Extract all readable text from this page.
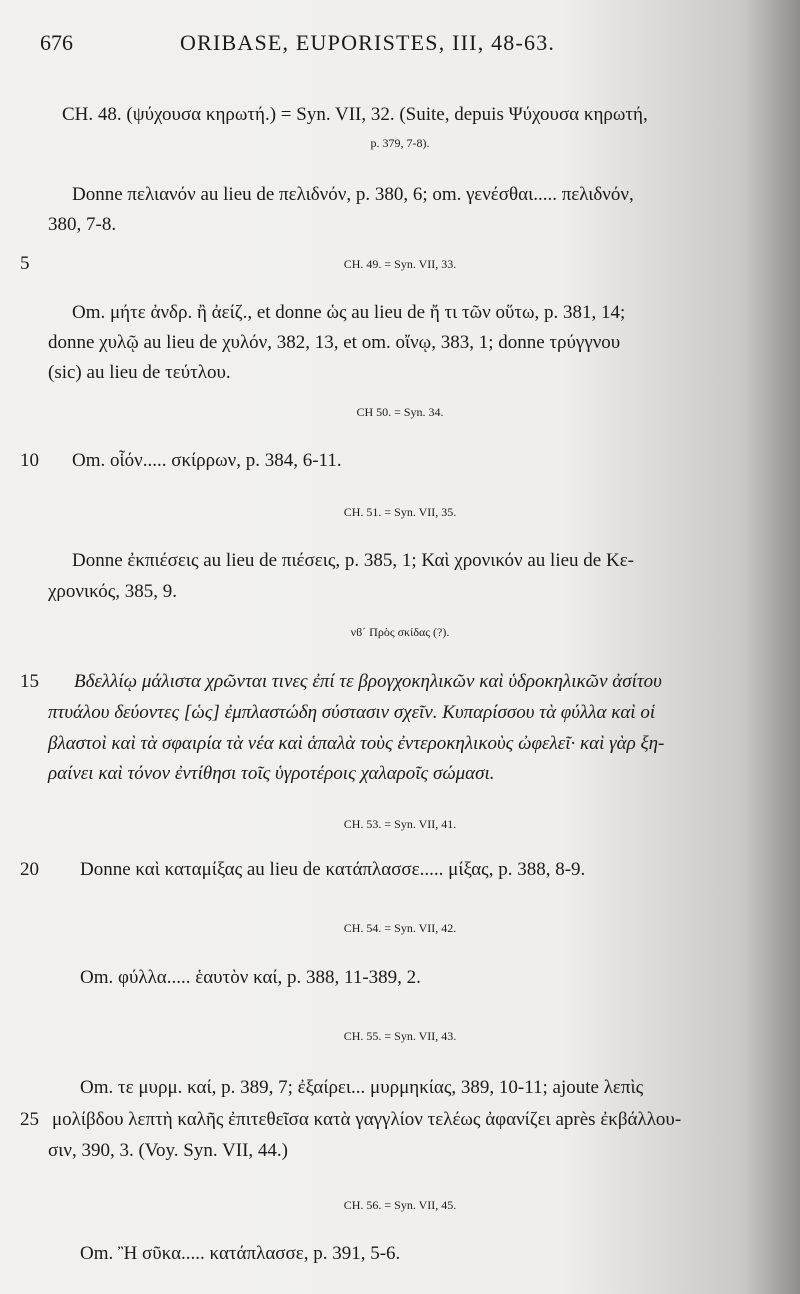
676	ORIBASE, EUPORISTES, III, 48-63.
5
10
15
20
25
CH. 48. (ψύχουσα κηρωτή.) = Syn. VII, 32. (Suite, depuis Ψύχουσα κηρωτή,
p. 379, 7-8).
Donne πελιανόν au lieu de πελιδνόν, p. 380, 6; om. γενέσθαι..... πελιδνόν,
380, 7-8.
CH. 49. = Syn. VII, 33.
Om. μήτε ἀνδρ. ἢ ἀείζ., et donne ὡς au lieu de ἤ τι τῶν οὕτω, p. 381, 14;
donne χυλῷ au lieu de χυλόν, 382, 13, et om. οἴνῳ, 383, 1; donne τρύγγνου
(sic) au lieu de τεύτλου.
CH 50. = Syn. 34.
Om. οἷόν..... σκίρρων, p. 384, 6-11.
CH. 51. = Syn. VII, 35.
Donne ἐκπιέσεις au lieu de πιέσεις, p. 385, 1; Καὶ χρονικόν au lieu de Κε-
χρονικός, 385, 9.
νϐ΄ Πρὸς σκίδας (?).
Βδελλίῳ μάλιστα χρῶνται τινες ἐπί τε βρογχοκηλικῶν καὶ ὑδροκηλικῶν ἀσίτου
πτυάλου δεύοντες [ὡς] ἐμπλαστώδη σύστασιν σχεῖν. Κυπαρίσσου τὰ φύλλα καὶ οἱ
βλαστοὶ καὶ τὰ σφαιρία τὰ νέα καὶ ἁπαλὰ τοὺς ἐντεροκηλικοὺς ὠφελεῖ· καὶ γὰρ ξη-
ραίνει καὶ τόνον ἐντίθησι τοῖς ὑγροτέροις χαλαροῖς σώμασι.
CH. 53. = Syn. VII, 41.
Donne καὶ καταμίξας au lieu de κατάπλασσε..... μίξας, p. 388, 8-9.
CH. 54. = Syn. VII, 42.
Om. φύλλα..... ἑαυτὸν καί, p. 388, 11-389, 2.
CH. 55. = Syn. VII, 43.
Om. τε μυρμ. καί, p. 389, 7; ἐξαίρει... μυρμηκίας, 389, 10-11; ajoute λεπὶς
μολίβδου λεπτὴ καλῆς ἐπιτεθεῖσα κατὰ γαγγλίον τελέως ἀφανίζει après ἐκβάλλου-
σιν, 390, 3. (Voy. Syn. VII, 44.)
CH. 56. = Syn. VII, 45.
Om. Ἢ σῦκα..... κατάπλασσε, p. 391, 5-6.
